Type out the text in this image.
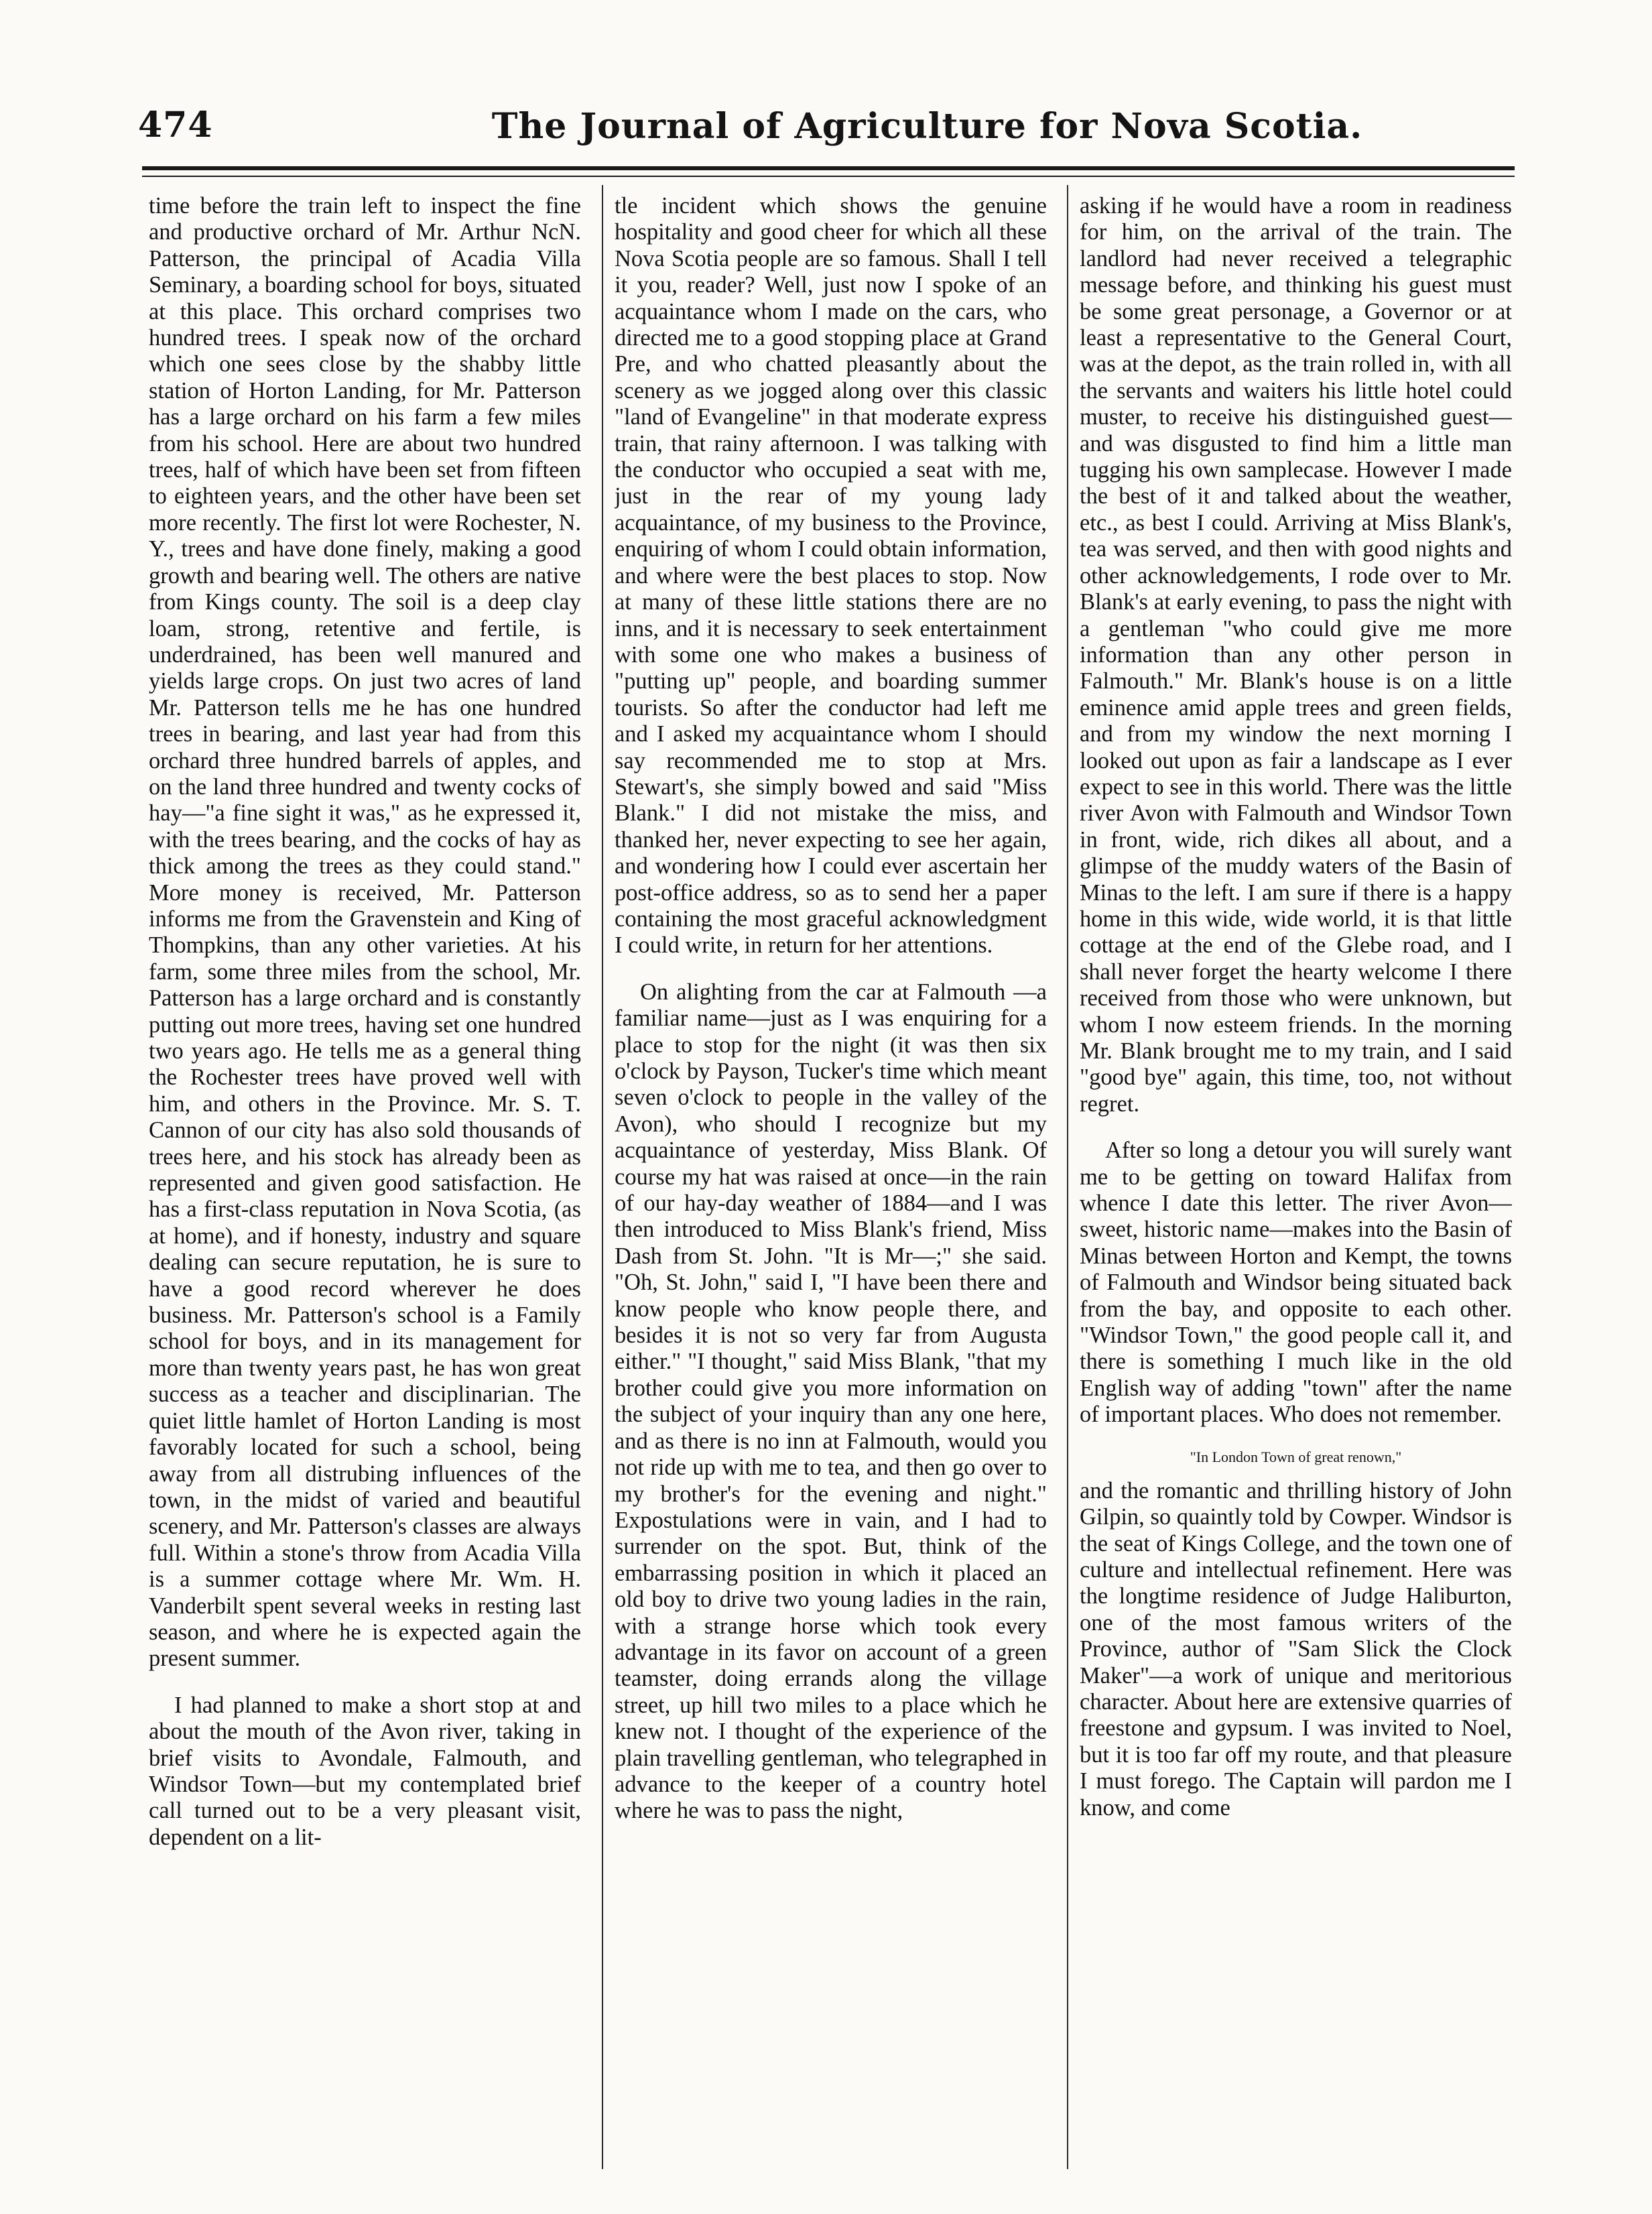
474	The Journal of Agriculture for Nova Scotia.

time before the train left to inspect the fine and productive orchard of Mr. Arthur NcN. Patterson, the principal of Acadia Villa Seminary, a boarding school for boys, situated at this place. This orchard comprises two hundred trees. I speak now of the orchard which one sees close by the shabby little station of Horton Landing, for Mr. Patterson has a large orchard on his farm a few miles from his school. Here are about two hundred trees, half of which have been set from fifteen to eighteen years, and the other have been set more recently. The first lot were Rochester, N. Y., trees and have done finely, making a good growth and bearing well. The others are native from Kings county. The soil is a deep clay loam, strong, retentive and fertile, is underdrained, has been well manured and yields large crops. On just two acres of land Mr. Patterson tells me he has one hundred trees in bearing, and last year had from this orchard three hundred barrels of apples, and on the land three hundred and twenty cocks of hay—"a fine sight it was," as he expressed it, with the trees bearing, and the cocks of hay as thick among the trees as they could stand." More money is received, Mr. Patterson informs me from the Gravenstein and King of Thompkins, than any other varieties. At his farm, some three miles from the school, Mr. Patterson has a large orchard and is constantly putting out more trees, having set one hundred two years ago. He tells me as a general thing the Rochester trees have proved well with him, and others in the Province. Mr. S. T. Cannon of our city has also sold thousands of trees here, and his stock has already been as represented and given good satisfaction. He has a first-class reputation in Nova Scotia, (as at home), and if honesty, industry and square dealing can secure reputation, he is sure to have a good record wherever he does business. Mr. Patterson's school is a Family school for boys, and in its management for more than twenty years past, he has won great success as a teacher and disciplinarian. The quiet little hamlet of Horton Landing is most favorably located for such a school, being away from all distrubing influences of the town, in the midst of varied and beautiful scenery, and Mr. Patterson's classes are always full. Within a stone's throw from Acadia Villa is a summer cottage where Mr. Wm. H. Vanderbilt spent several weeks in resting last season, and where he is expected again the present summer.

I had planned to make a short stop at and about the mouth of the Avon river, taking in brief visits to Avondale, Falmouth, and Windsor Town—but my contemplated brief call turned out to be a very pleasant visit, dependent on a lit-

tle incident which shows the genuine hospitality and good cheer for which all these Nova Scotia people are so famous. Shall I tell it you, reader? Well, just now I spoke of an acquaintance whom I made on the cars, who directed me to a good stopping place at Grand Pre, and who chatted pleasantly about the scenery as we jogged along over this classic "land of Evangeline" in that moderate express train, that rainy afternoon. I was talking with the conductor who occupied a seat with me, just in the rear of my young lady acquaintance, of my business to the Province, enquiring of whom I could obtain information, and where were the best places to stop. Now at many of these little stations there are no inns, and it is necessary to seek entertainment with some one who makes a business of "putting up" people, and boarding summer tourists. So after the conductor had left me and I asked my acquaintance whom I should say recommended me to stop at Mrs. Stewart's, she simply bowed and said "Miss Blank." I did not mistake the miss, and thanked her, never expecting to see her again, and wondering how I could ever ascertain her post-office address, so as to send her a paper containing the most graceful acknowledgment I could write, in return for her attentions.

On alighting from the car at Falmouth —a familiar name—just as I was enquiring for a place to stop for the night (it was then six o'clock by Payson, Tucker's time which meant seven o'clock to people in the valley of the Avon), who should I recognize but my acquaintance of yesterday, Miss Blank. Of course my hat was raised at once—in the rain of our hay-day weather of 1884—and I was then introduced to Miss Blank's friend, Miss Dash from St. John. "It is Mr—;" she said. "Oh, St. John," said I, "I have been there and know people who know people there, and besides it is not so very far from Augusta either." "I thought," said Miss Blank, "that my brother could give you more information on the subject of your inquiry than any one here, and as there is no inn at Falmouth, would you not ride up with me to tea, and then go over to my brother's for the evening and night." Expostulations were in vain, and I had to surrender on the spot. But, think of the embarrassing position in which it placed an old boy to drive two young ladies in the rain, with a strange horse which took every advantage in its favor on account of a green teamster, doing errands along the village street, up hill two miles to a place which he knew not. I thought of the experience of the plain travelling gentleman, who telegraphed in advance to the keeper of a country hotel where he was to pass the night,

asking if he would have a room in readiness for him, on the arrival of the train. The landlord had never received a telegraphic message before, and thinking his guest must be some great personage, a Governor or at least a representative to the General Court, was at the depot, as the train rolled in, with all the servants and waiters his little hotel could muster, to receive his distinguished guest—and was disgusted to find him a little man tugging his own samplecase. However I made the best of it and talked about the weather, etc., as best I could. Arriving at Miss Blank's, tea was served, and then with good nights and other acknowledgements, I rode over to Mr. Blank's at early evening, to pass the night with a gentleman "who could give me more information than any other person in Falmouth." Mr. Blank's house is on a little eminence amid apple trees and green fields, and from my window the next morning I looked out upon as fair a landscape as I ever expect to see in this world. There was the little river Avon with Falmouth and Windsor Town in front, wide, rich dikes all about, and a glimpse of the muddy waters of the Basin of Minas to the left. I am sure if there is a happy home in this wide, wide world, it is that little cottage at the end of the Glebe road, and I shall never forget the hearty welcome I there received from those who were unknown, but whom I now esteem friends. In the morning Mr. Blank brought me to my train, and I said "good bye" again, this time, too, not without regret.

After so long a detour you will surely want me to be getting on toward Halifax from whence I date this letter. The river Avon—sweet, historic name—makes into the Basin of Minas between Horton and Kempt, the towns of Falmouth and Windsor being situated back from the bay, and opposite to each other. "Windsor Town," the good people call it, and there is something I much like in the old English way of adding "town" after the name of important places. Who does not remember.

"In London Town of great renown,"

and the romantic and thrilling history of John Gilpin, so quaintly told by Cowper. Windsor is the seat of Kings College, and the town one of culture and intellectual refinement. Here was the longtime residence of Judge Haliburton, one of the most famous writers of the Province, author of "Sam Slick the Clock Maker"—a work of unique and meritorious character. About here are extensive quarries of freestone and gypsum. I was invited to Noel, but it is too far off my route, and that pleasure I must forego. The Captain will pardon me I know, and come
